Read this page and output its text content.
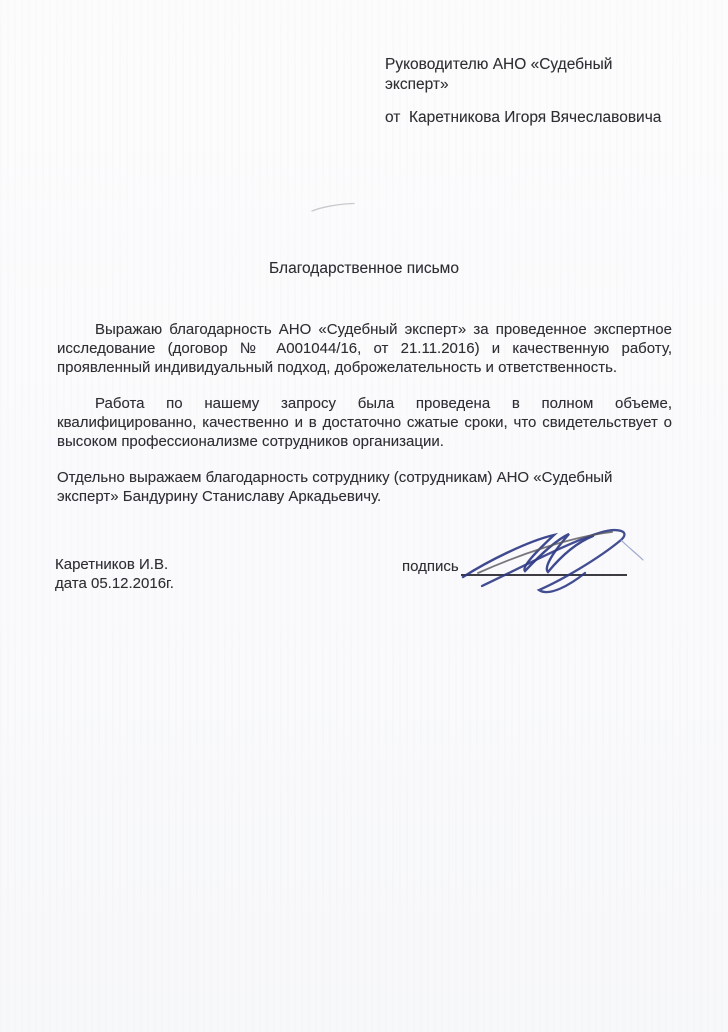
Руководителю АНО «Судебный эксперт»
от  Каретникова Игоря Вячеславовича
Благодарственное письмо

Выражаю благодарность АНО «Судебный эксперт» за проведенное экспертное исследование (договор № А001044/16, от 21.11.2016) и качественную работу, проявленный индивидуальный подход, доброжелательность и ответственность.

Работа по нашему запросу была проведена в полном объеме, квалифицированно, качественно и в достаточно сжатые сроки, что свидетельствует о высоком профессионализме сотрудников организации.

Отдельно выражаем благодарность сотруднику (сотрудникам) АНО «Судебный эксперт» Бандурину Станиславу Аркадьевичу.

Каретников И.В.
дата 05.12.2016г.
подпись
